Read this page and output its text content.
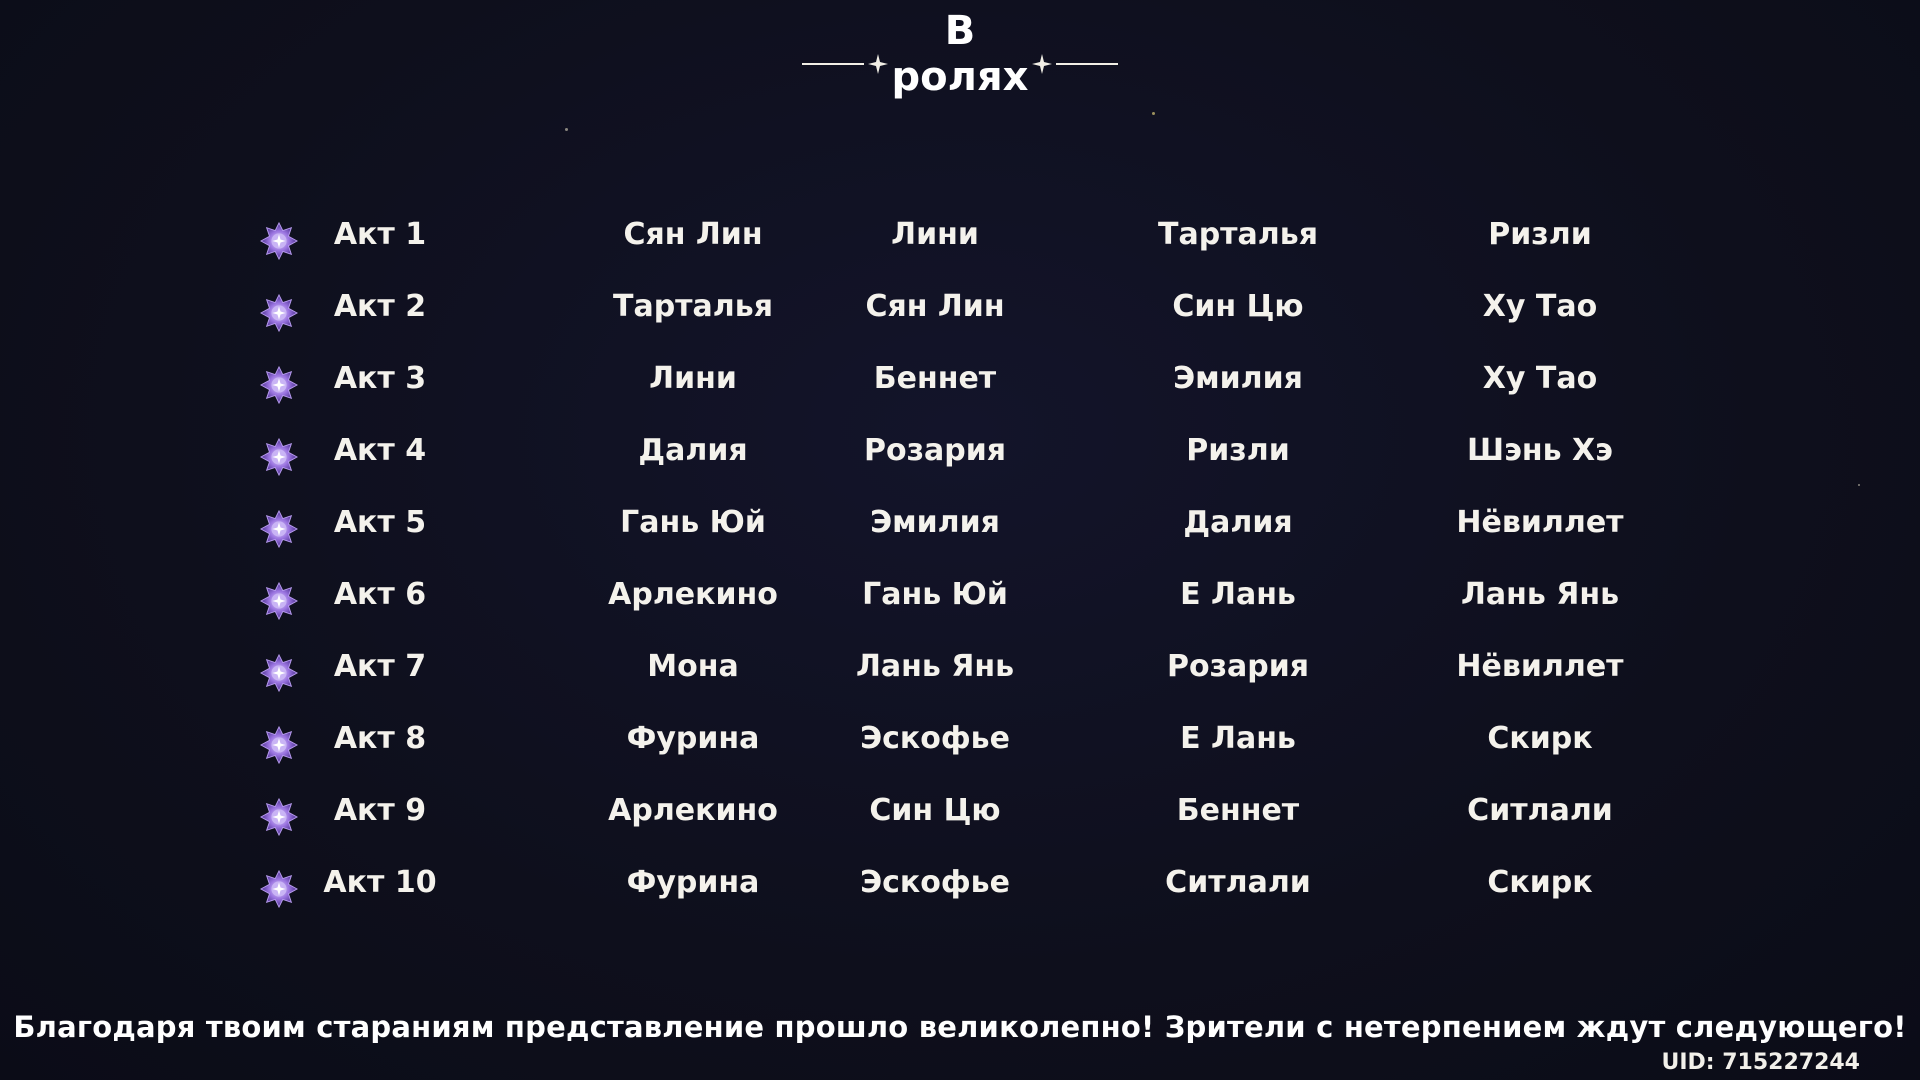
В
ролях
Акт 1	Сян Лин	Лини	Тарталья	Ризли
Акт 2	Тарталья	Сян Лин	Син Цю	Ху Тао
Акт 3	Лини	Беннет	Эмилия	Ху Тао
Акт 4	Далия	Розария	Ризли	Шэнь Хэ
Акт 5	Гань Юй	Эмилия	Далия	Нёвиллет
Акт 6	Арлекино	Гань Юй	Е Лань	Лань Янь
Акт 7	Мона	Лань Янь	Розария	Нёвиллет
Акт 8	Фурина	Эскофье	Е Лань	Скирк
Акт 9	Арлекино	Син Цю	Беннет	Ситлали
Акт 10	Фурина	Эскофье	Ситлали	Скирк
Благодаря твоим стараниям представление прошло великолепно! Зрители с нетерпением ждут следующего!
UID: 715227244
